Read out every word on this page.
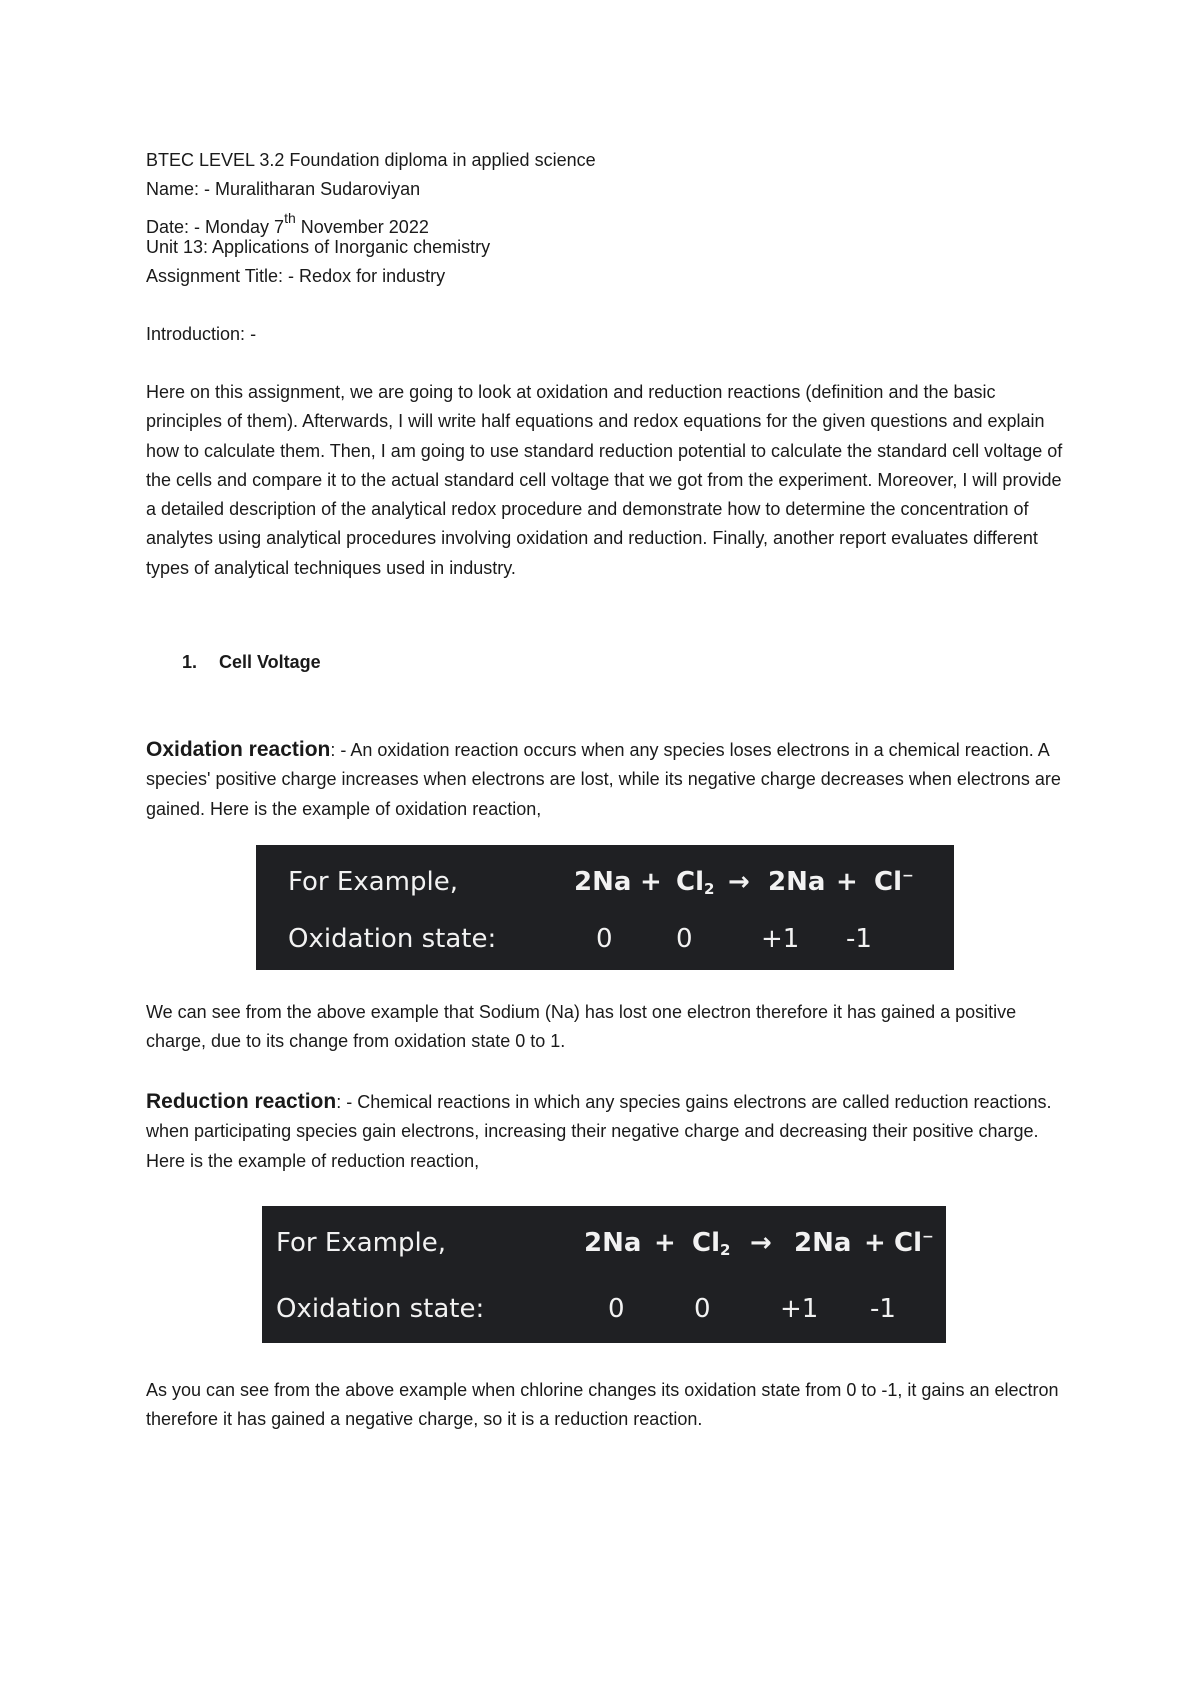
BTEC LEVEL 3.2 Foundation diploma in applied science
Name: - Muralitharan Sudaroviyan
Date: - Monday 7th November 2022
Unit 13: Applications of Inorganic chemistry
Assignment Title: - Redox for industry
Introduction: -

Here on this assignment, we are going to look at oxidation and reduction reactions (definition and the basic principles of them). Afterwards, I will write half equations and redox equations for the given questions and explain how to calculate them. Then, I am going to use standard reduction potential to calculate the standard cell voltage of the cells and compare it to the actual standard cell voltage that we got from the experiment. Moreover, I will provide a detailed description of the analytical redox procedure and demonstrate how to determine the concentration of analytes using analytical procedures involving oxidation and reduction. Finally, another report evaluates different types of analytical techniques used in industry.

1. Cell Voltage

Oxidation reaction: - An oxidation reaction occurs when any species loses electrons in a chemical reaction. A species' positive charge increases when electrons are lost, while its negative charge decreases when electrons are gained. Here is the example of oxidation reaction,

For Example,	$2Na + Cl_2 \to 2Na + Cl^-$
Oxidation state:	0 0	+1 -1
We can see from the above example that Sodium (Na) has lost one electron therefore it has gained a positive charge, due to its change from oxidation state 0 to 1.

Reduction reaction: - Chemical reactions in which any species gains electrons are called reduction reactions. when participating species gain electrons, increasing their negative charge and decreasing their positive charge. Here is the example of reduction reaction,

For Example,	$2Na + Cl_2 \to 2Na + Cl^-$
Oxidation state:	0	0	+1 -1
As you can see from the above example when chlorine changes its oxidation state from 0 to -1, it gains an electron therefore it has gained a negative charge, so it is a reduction reaction.
